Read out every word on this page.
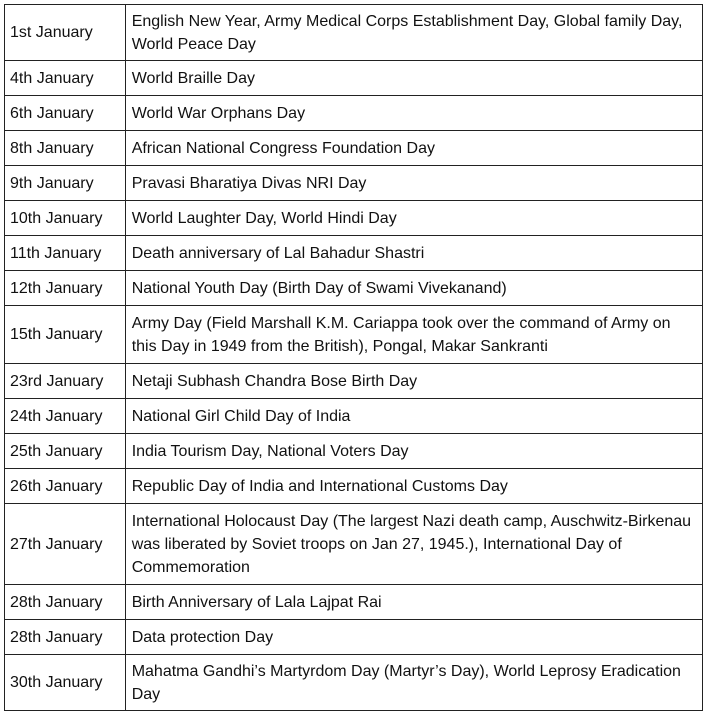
1st January	English New Year, Army Medical Corps Establishment Day, Global family Day, World Peace Day
4th January	World Braille Day
6th January	World War Orphans Day
8th January	African National Congress Foundation Day
9th January	Pravasi Bharatiya Divas NRI Day
10th January	World Laughter Day, World Hindi Day
11th January	Death anniversary of Lal Bahadur Shastri
12th January	National Youth Day (Birth Day of Swami Vivekanand)
15th January	Army Day (Field Marshall K.M. Cariappa took over the command of Army on this Day in 1949 from the British), Pongal, Makar Sankranti
23rd January	Netaji Subhash Chandra Bose Birth Day
24th January	National Girl Child Day of India
25th January	India Tourism Day, National Voters Day
26th January	Republic Day of India and International Customs Day
27th January	International Holocaust Day (The largest Nazi death camp, Auschwitz-Birkenau was liberated by Soviet troops on Jan 27, 1945.), International Day of Commemoration
28th January	Birth Anniversary of Lala Lajpat Rai
28th January	Data protection Day
30th January	Mahatma Gandhi’s Martyrdom Day (Martyr’s Day), World Leprosy Eradication Day
